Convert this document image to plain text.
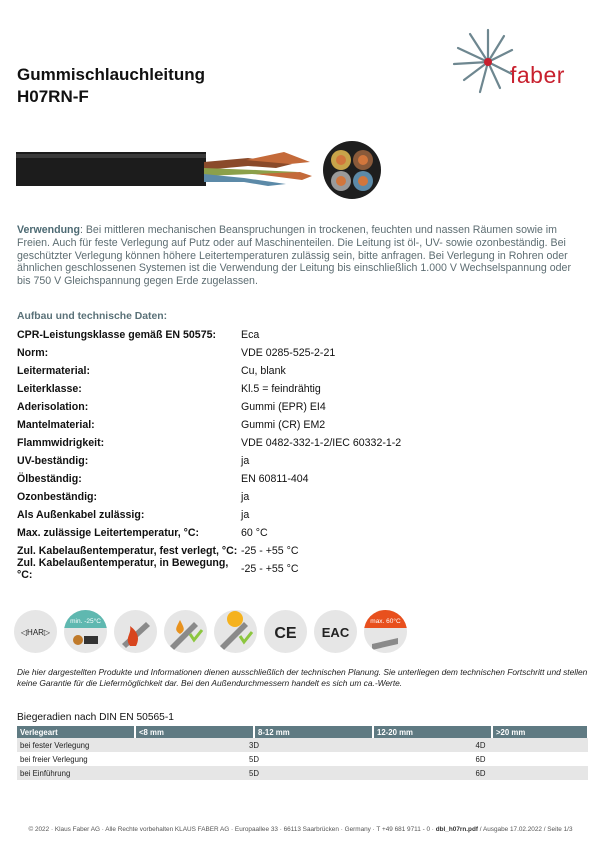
Gummischlauchleitung
H07RN-F
faber
Verwendung: Bei mittleren mechanischen Beanspruchungen in trockenen, feuchten und nassen Räumen sowie im Freien. Auch für feste Verlegung auf Putz oder auf Maschinenteilen. Die Leitung ist öl-, UV- sowie ozonbeständig. Bei geschützter Verlegung können höhere Leitertemperaturen zulässig sein, bitte anfragen. Bei Verlegung in Rohren oder ähnlichen geschlossenen Systemen ist die Verwendung der Leitung bis einschließlich 1.000 V Wechselspannung oder bis 750 V Gleichspannung gegen Erde zugelassen.
Aufbau und technische Daten:
CPR-Leistungsklasse gemäß EN 50575:	Eca
Norm:	VDE 0285-525-2-21
Leitermaterial:	Cu, blank
Leiterklasse:	Kl.5 = feindrähtig
Aderisolation:	Gummi (EPR) EI4
Mantelmaterial:	Gummi (CR) EM2
Flammwidrigkeit:	VDE 0482-332-1-2/IEC 60332-1-2
UV-beständig:	ja
Ölbeständig:	EN 60811-404
Ozonbeständig:	ja
Als Außenkabel zulässig:	ja
Max. zulässige Leitertemperatur, °C:	60 °C
Zul. Kabelaußentemperatur, fest verlegt, °C: -25 - +55 °C
Zul. Kabelaußentemperatur, in Bewegung, °C:	-25 - +55 °C
◁HAR▷
min. -25°C
CE EAC
max. 60°C
Die hier dargestellten Produkte und Informationen dienen ausschließlich der technischen Planung. Sie unterliegen dem technischen Fortschritt und stellen keine Garantie für die Liefermöglichkeit dar. Bei den Außendurchmessern handelt es sich um ca.-Werte.
Biegeradien nach DIN EN 50565-1
Verlegeart	<8 mm	8-12 mm	12-20 mm	>20 mm
bei fester Verlegung	3D		4D	
bei freier Verlegung	5D		6D	
bei Einführung	5D		6D	
© 2022 · Klaus Faber AG · Alle Rechte vorbehalten KLAUS FABER AG · Europaallee 33 · 66113 Saarbrücken · Germany · T +49 681 9711 - 0 · dbl_h07rn.pdf / Ausgabe 17.02.2022 / Seite 1/3
